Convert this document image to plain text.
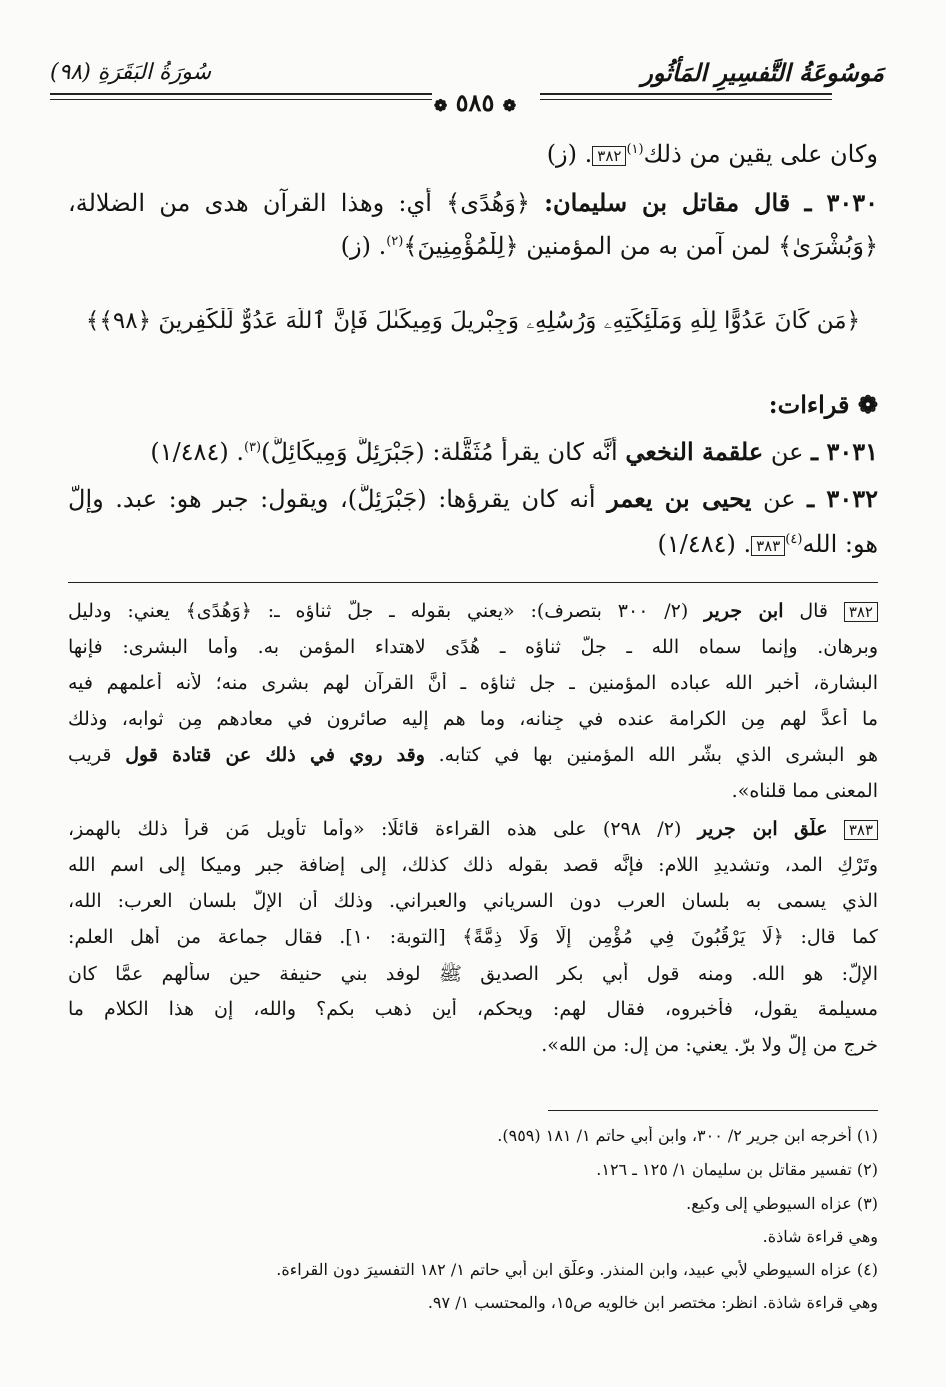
مَوسُوعَةُ التَّفسِيرِ المَأثُور
سُورَةُ البَقَرَةِ (٩٨)
❁ ٥٨٥ ❁
وكان على يقين من ذلك$^{(١)}$٣٨٢. (ز)
٣٠٣٠ ـ قال مقاتل بن سليمان: ﴿وَهُدًى﴾ أي: وهذا القرآن هدى من الضلالة،
﴿وَبُشْرَىٰ﴾ لمن آمن به من المؤمنين ﴿لِلْمُؤْمِنِينَ﴾$^{(٢)}$. (ز)
﴿مَن كَانَ عَدُوًّا لِلَّهِ وَمَلَٰٓئِكَتِهِۦ وَرُسُلِهِۦ وَجِبْرِيلَ وَمِيكَىٰلَ فَإِنَّ ٱللَّهَ عَدُوٌّ لِّلْكَٰفِرِينَ ﴿٩٨﴾﴾
❁ قراءات:
٣٠٣١ ـ عن علقمة النخعي أنَّه كان يقرأ مُثَقَّلة: (جَبْرَئِلَّ وَمِيكَائِلَّ)$^{(٣)}$. (١/٤٨٤)
٣٠٣٢ ـ عن يحيى بن يعمر أنه كان يقرؤها: (جَبْرَئِلَّ)، ويقول: جبر هو: عبد. وإلّ
هو: الله$^{(٤)}$٣٨٣. (١/٤٨٤)
٣٨٢ قال ابن جرير (٢/ ٣٠٠ بتصرف): «يعني بقوله ـ جلّ ثناؤه ـ: ﴿وَهُدًى﴾ يعني: ودليل
وبرهان. وإنما سماه الله ـ جلّ ثناؤه ـ هُدًى لاهتداء المؤمن به. وأما البشرى: فإنها
البشارة، أخبر الله عباده المؤمنين ـ جل ثناؤه ـ أنَّ القرآن لهم بشرى منه؛ لأنه أعلمهم فيه
ما أعدَّ لهم مِن الكرامة عنده في جِنانه، وما هم إليه صائرون في معادهم مِن ثوابه، وذلك
هو البشرى الذي بشَّر الله المؤمنين بها في كتابه. وقد روي في ذلك عن قتادة قول قريب
المعنى مما قلناه».
٣٨٣ علَّق ابن جرير (٢/ ٢٩٨) على هذه القراءة قائلًا: «وأما تأويل مَن قرأ ذلك بالهمز،
وتَرْكِ المد، وتشديدِ اللام: فإنَّه قصد بقوله ذلك كذلك، إلى إضافة جبر وميكا إلى اسم الله
الذي يسمى به بلسان العرب دون السرياني والعبراني. وذلك أن الإلّ بلسان العرب: الله،
كما قال: ﴿لَا يَرْقُبُونَ فِي مُؤْمِنٍ إِلًّا وَلَا ذِمَّةً﴾ [التوبة: ١٠]. فقال جماعة من أهل العلم:
الإلّ: هو الله. ومنه قول أبي بكر الصديق ﷺ لوفد بني حنيفة حين سألهم عمَّا كان
مسيلمة يقول، فأخبروه، فقال لهم: ويحكم، أين ذهب بكم؟ والله، إن هذا الكلام ما
خرج من إلّ ولا برّ. يعني: من إل: من الله».
(١) أخرجه ابن جرير ٢/ ٣٠٠، وابن أبي حاتم ١/ ١٨١ (٩٥٩).
(٢) تفسير مقاتل بن سليمان ١/ ١٢٥ ـ ١٢٦.
(٣) عزاه السيوطي إلى وكيع.
وهي قراءة شاذة.
(٤) عزاه السيوطي لأبي عبيد، وابن المنذر. وعلّق ابن أبي حاتم ١/ ١٨٢ التفسيرَ دون القراءة.
وهي قراءة شاذة. انظر: مختصر ابن خالويه ص١٥، والمحتسب ١/ ٩٧.
